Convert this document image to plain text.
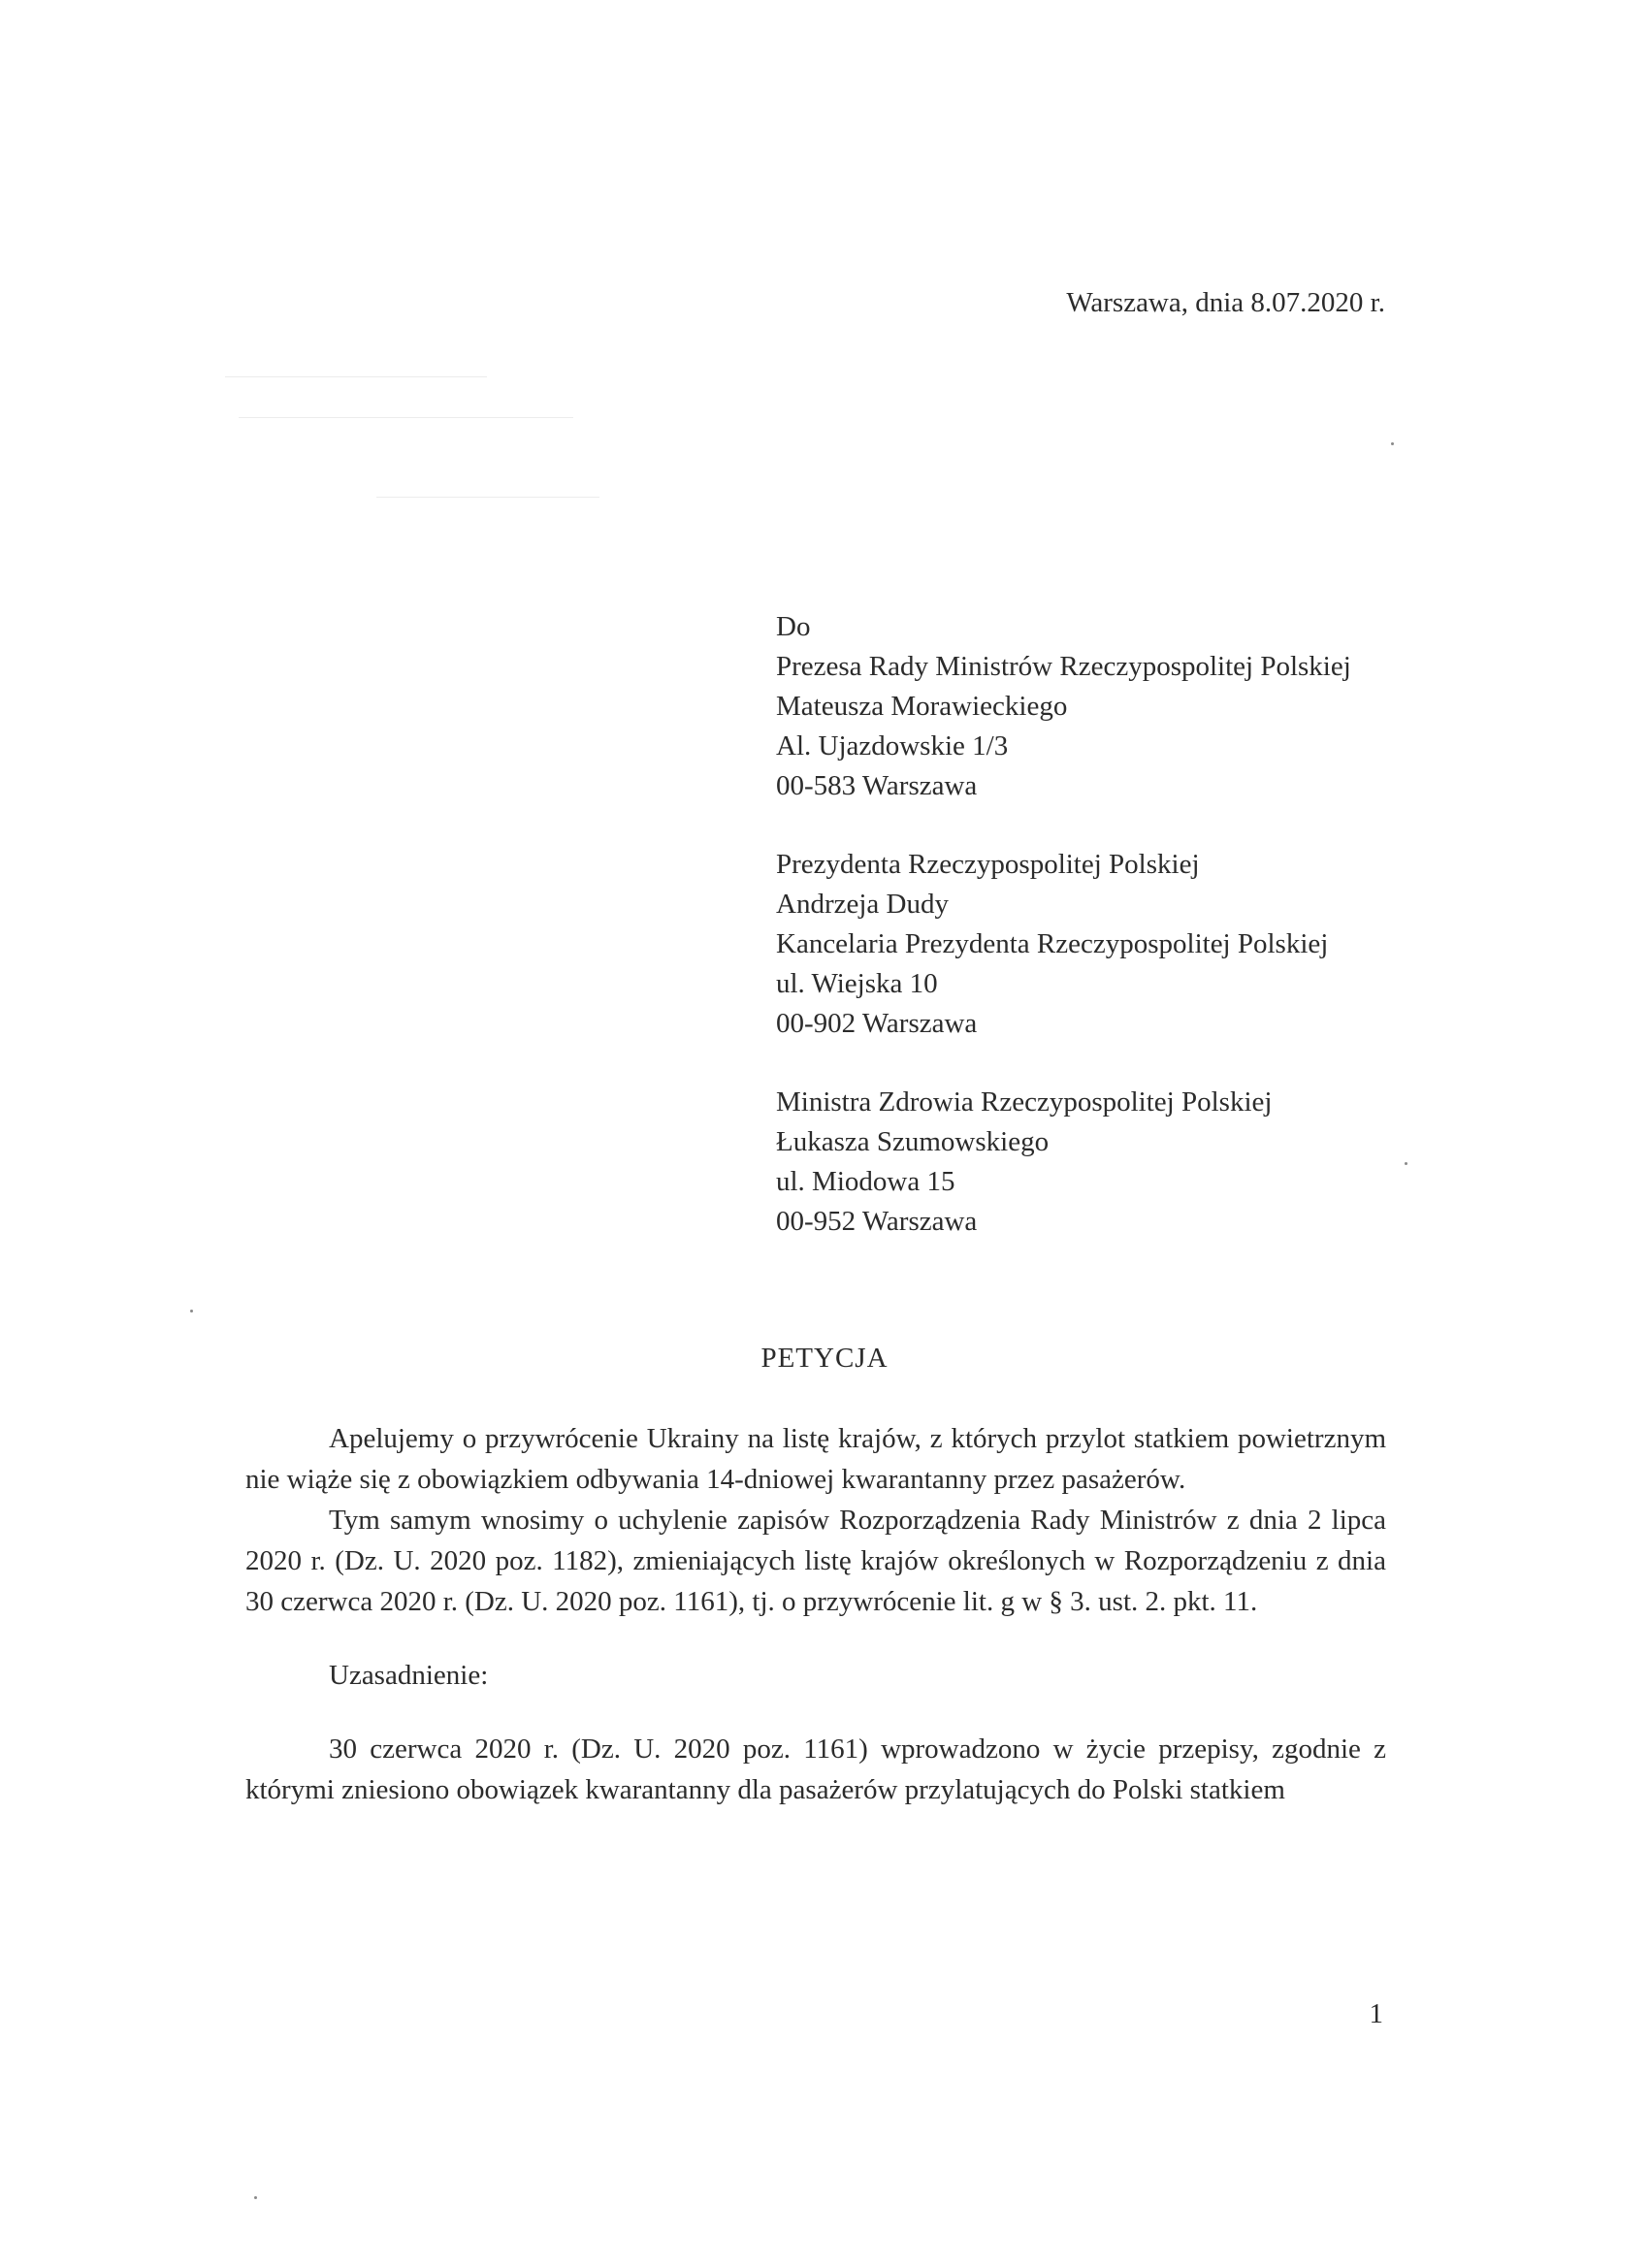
Warszawa, dnia 8.07.2020 r.
Do
Prezesa Rady Ministrów Rzeczypospolitej Polskiej
Mateusza Morawieckiego
Al. Ujazdowskie 1/3
00-583 Warszawa
Prezydenta Rzeczypospolitej Polskiej
Andrzeja Dudy
Kancelaria Prezydenta Rzeczypospolitej Polskiej
ul. Wiejska 10
00-902 Warszawa
Ministra Zdrowia Rzeczypospolitej Polskiej
Łukasza Szumowskiego
ul. Miodowa 15
00-952 Warszawa
PETYCJA

Apelujemy o przywrócenie Ukrainy na listę krajów, z których przylot statkiem powietrznym nie wiąże się z obowiązkiem odbywania 14-dniowej kwarantanny przez pasażerów.

Tym samym wnosimy o uchylenie zapisów Rozporządzenia Rady Ministrów z dnia 2 lipca 2020 r. (Dz. U. 2020 poz. 1182), zmieniających listę krajów określonych w Rozporządzeniu z dnia 30 czerwca 2020 r. (Dz. U. 2020 poz. 1161), tj. o przywrócenie lit. g w § 3. ust. 2. pkt. 11.

Uzasadnienie:

30 czerwca 2020 r. (Dz. U. 2020 poz. 1161) wprowadzono w życie przepisy, zgodnie z którymi zniesiono obowiązek kwarantanny dla pasażerów przylatujących do Polski statkiem

1
